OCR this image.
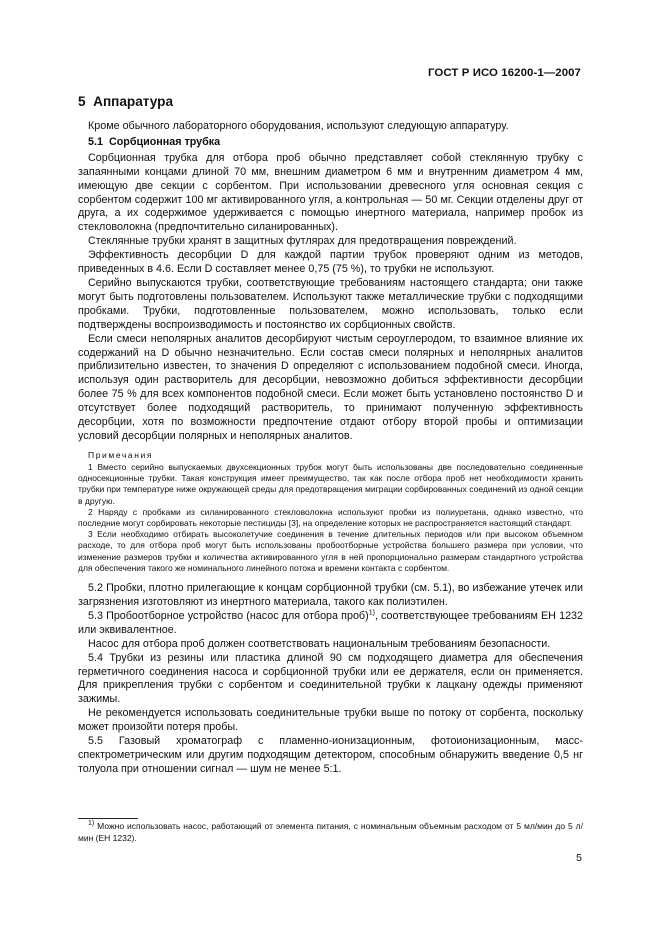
ГОСТ Р ИСО 16200-1—2007
5 Аппаратура

Кроме обычного лабораторного оборудования, используют следующую аппаратуру.

5.1 Сорбционная трубка

Сорбционная трубка для отбора проб обычно представляет собой стеклянную трубку с запаянными концами длиной 70 мм, внешним диаметром 6 мм и внутренним диаметром 4 мм, имеющую две секции с сорбентом. При использовании древесного угля основная секция с сорбентом содержит 100 мг активированного угля, а контрольная — 50 мг. Секции отделены друг от друга, а их содержимое удерживается с помощью инертного материала, например пробок из стекловолокна (предпочтительно силанированных).

Стеклянные трубки хранят в защитных футлярах для предотвращения повреждений.

Эффективность десорбции D для каждой партии трубок проверяют одним из методов, приведенных в 4.6. Если D составляет менее 0,75 (75 %), то трубки не используют.

Серийно выпускаются трубки, соответствующие требованиям настоящего стандарта; они также могут быть подготовлены пользователем. Используют также металлические трубки с подходящими пробками. Трубки, подготовленные пользователем, можно использовать, только если подтверждены воспроизводимость и постоянство их сорбционных свойств.

Если смеси неполярных аналитов десорбируют чистым сероуглеродом, то взаимное влияние их содержаний на D обычно незначительно. Если состав смеси полярных и неполярных аналитов приблизительно известен, то значения D определяют с использованием подобной смеси. Иногда, используя один растворитель для десорбции, невозможно добиться эффективности десорбции более 75 % для всех компонентов подобной смеси. Если может быть установлено постоянство D и отсутствует более подходящий растворитель, то принимают полученную эффективность десорбции, хотя по возможности предпочтение отдают отбору второй пробы и оптимизации условий десорбции полярных и неполярных аналитов.

Примечания

1 Вместо серийно выпускаемых двухсекционных трубок могут быть использованы две последовательно соединенные односекционные трубки. Такая конструкция имеет преимущество, так как после отбора проб нет необходимости хранить трубки при температуре ниже окружающей среды для предотвращения миграции сорбированных соединений из одной секции в другую.

2 Наряду с пробками из силанированного стекловолокна используют пробки из полиуретана, однако известно, что последние могут сорбировать некоторые пестициды [3], на определение которых не распространяется настоящий стандарт.

3 Если необходимо отбирать высоколетучие соединения в течение длительных периодов или при высоком объемном расходе, то для отбора проб могут быть использованы пробоотборные устройства большего размера при условии, что изменение размеров трубки и количества активированного угля в ней пропорционально размерам стандартного устройства для обеспечения такого же номинального линейного потока и времени контакта с сорбентом.

5.2 Пробки, плотно прилегающие к концам сорбционной трубки (см. 5.1), во избежание утечек или загрязнения изготовляют из инертного материала, такого как полиэтилен.

5.3 Пробоотборное устройство (насос для отбора проб)$^{1)}$, соответствующее требованиям ЕН 1232 или эквивалентное.

Насос для отбора проб должен соответствовать национальным требованиям безопасности.

5.4 Трубки из резины или пластика длиной 90 см подходящего диаметра для обеспечения герметичного соединения насоса и сорбционной трубки или ее держателя, если он применяется. Для прикрепления трубки с сорбентом и соединительной трубки к лацкану одежды применяют зажимы.

Не рекомендуется использовать соединительные трубки выше по потоку от сорбента, поскольку может произойти потеря пробы.

5.5 Газовый хроматограф с пламенно-ионизационным, фотоионизационным, масс-спектрометрическим или другим подходящим детектором, способным обнаружить введение 0,5 нг толуола при отношении сигнал — шум не менее 5:1.

$^{1)}$ Можно использовать насос, работающий от элемента питания, с номинальным объемным расходом от 5 мл/мин до 5 л/мин (ЕН 1232).

5
